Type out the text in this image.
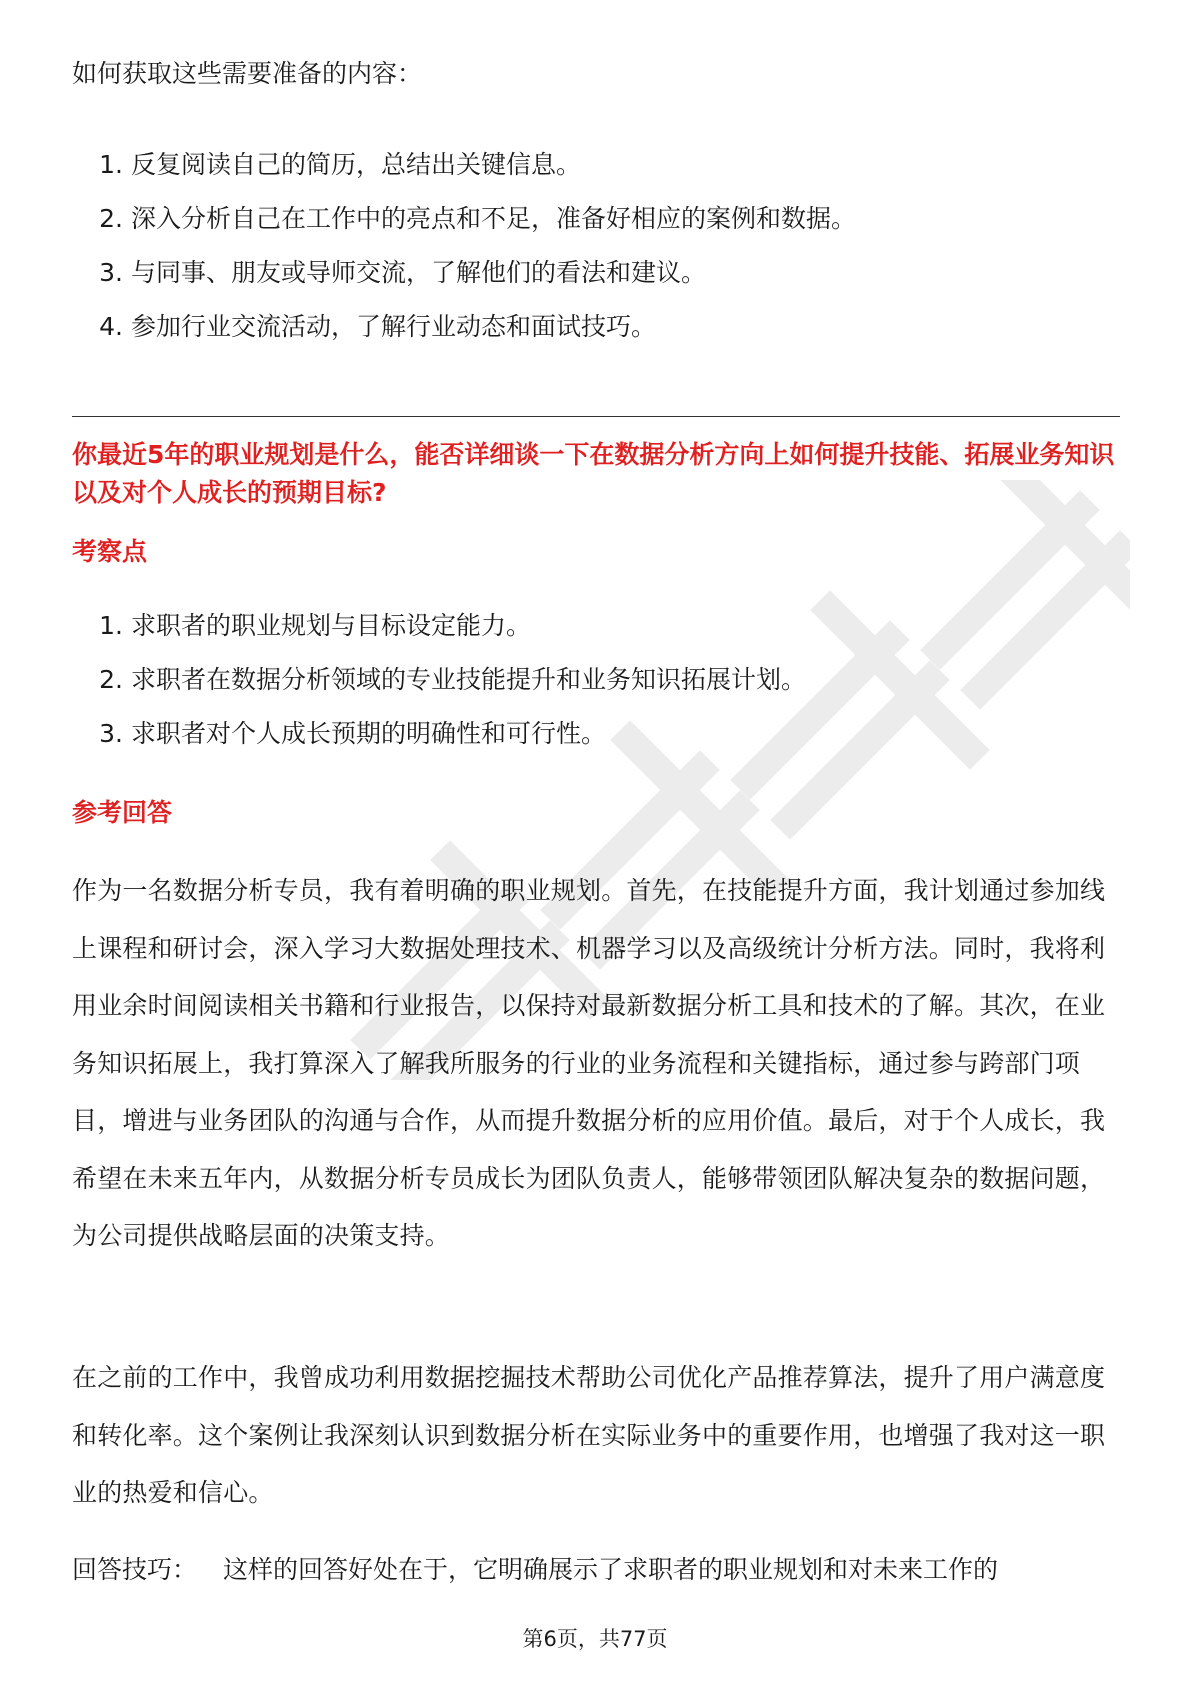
如何获取这些需要准备的内容：

1. 反复阅读自己的简历，总结出关键信息。
2. 深入分析自己在工作中的亮点和不足，准备好相应的案例和数据。
3. 与同事、朋友或导师交流，了解他们的看法和建议。
4. 参加行业交流活动，了解行业动态和面试技巧。
你最近5年的职业规划是什么，能否详细谈一下在数据分析方向上如何提升技能、拓展业务知识以及对个人成长的预期目标?
考察点
1. 求职者的职业规划与目标设定能力。
2. 求职者在数据分析领域的专业技能提升和业务知识拓展计划。
3. 求职者对个人成长预期的明确性和可行性。
参考回答

作为一名数据分析专员，我有着明确的职业规划。首先，在技能提升方面，我计划通过参加线上课程和研讨会，深入学习大数据处理技术、机器学习以及高级统计分析方法。同时，我将利用业余时间阅读相关书籍和行业报告，以保持对最新数据分析工具和技术的了解。其次，在业务知识拓展上，我打算深入了解我所服务的行业的业务流程和关键指标，通过参与跨部门项目，增进与业务团队的沟通与合作，从而提升数据分析的应用价值。最后，对于个人成长，我希望在未来五年内，从数据分析专员成长为团队负责人，能够带领团队解决复杂的数据问题，为公司提供战略层面的决策支持。

在之前的工作中，我曾成功利用数据挖掘技术帮助公司优化产品推荐算法，提升了用户满意度和转化率。这个案例让我深刻认识到数据分析在实际业务中的重要作用，也增强了我对这一职业的热爱和信心。

回答技巧： 这样的回答好处在于，它明确展示了求职者的职业规划和对未来工作的

第6页，共77页
